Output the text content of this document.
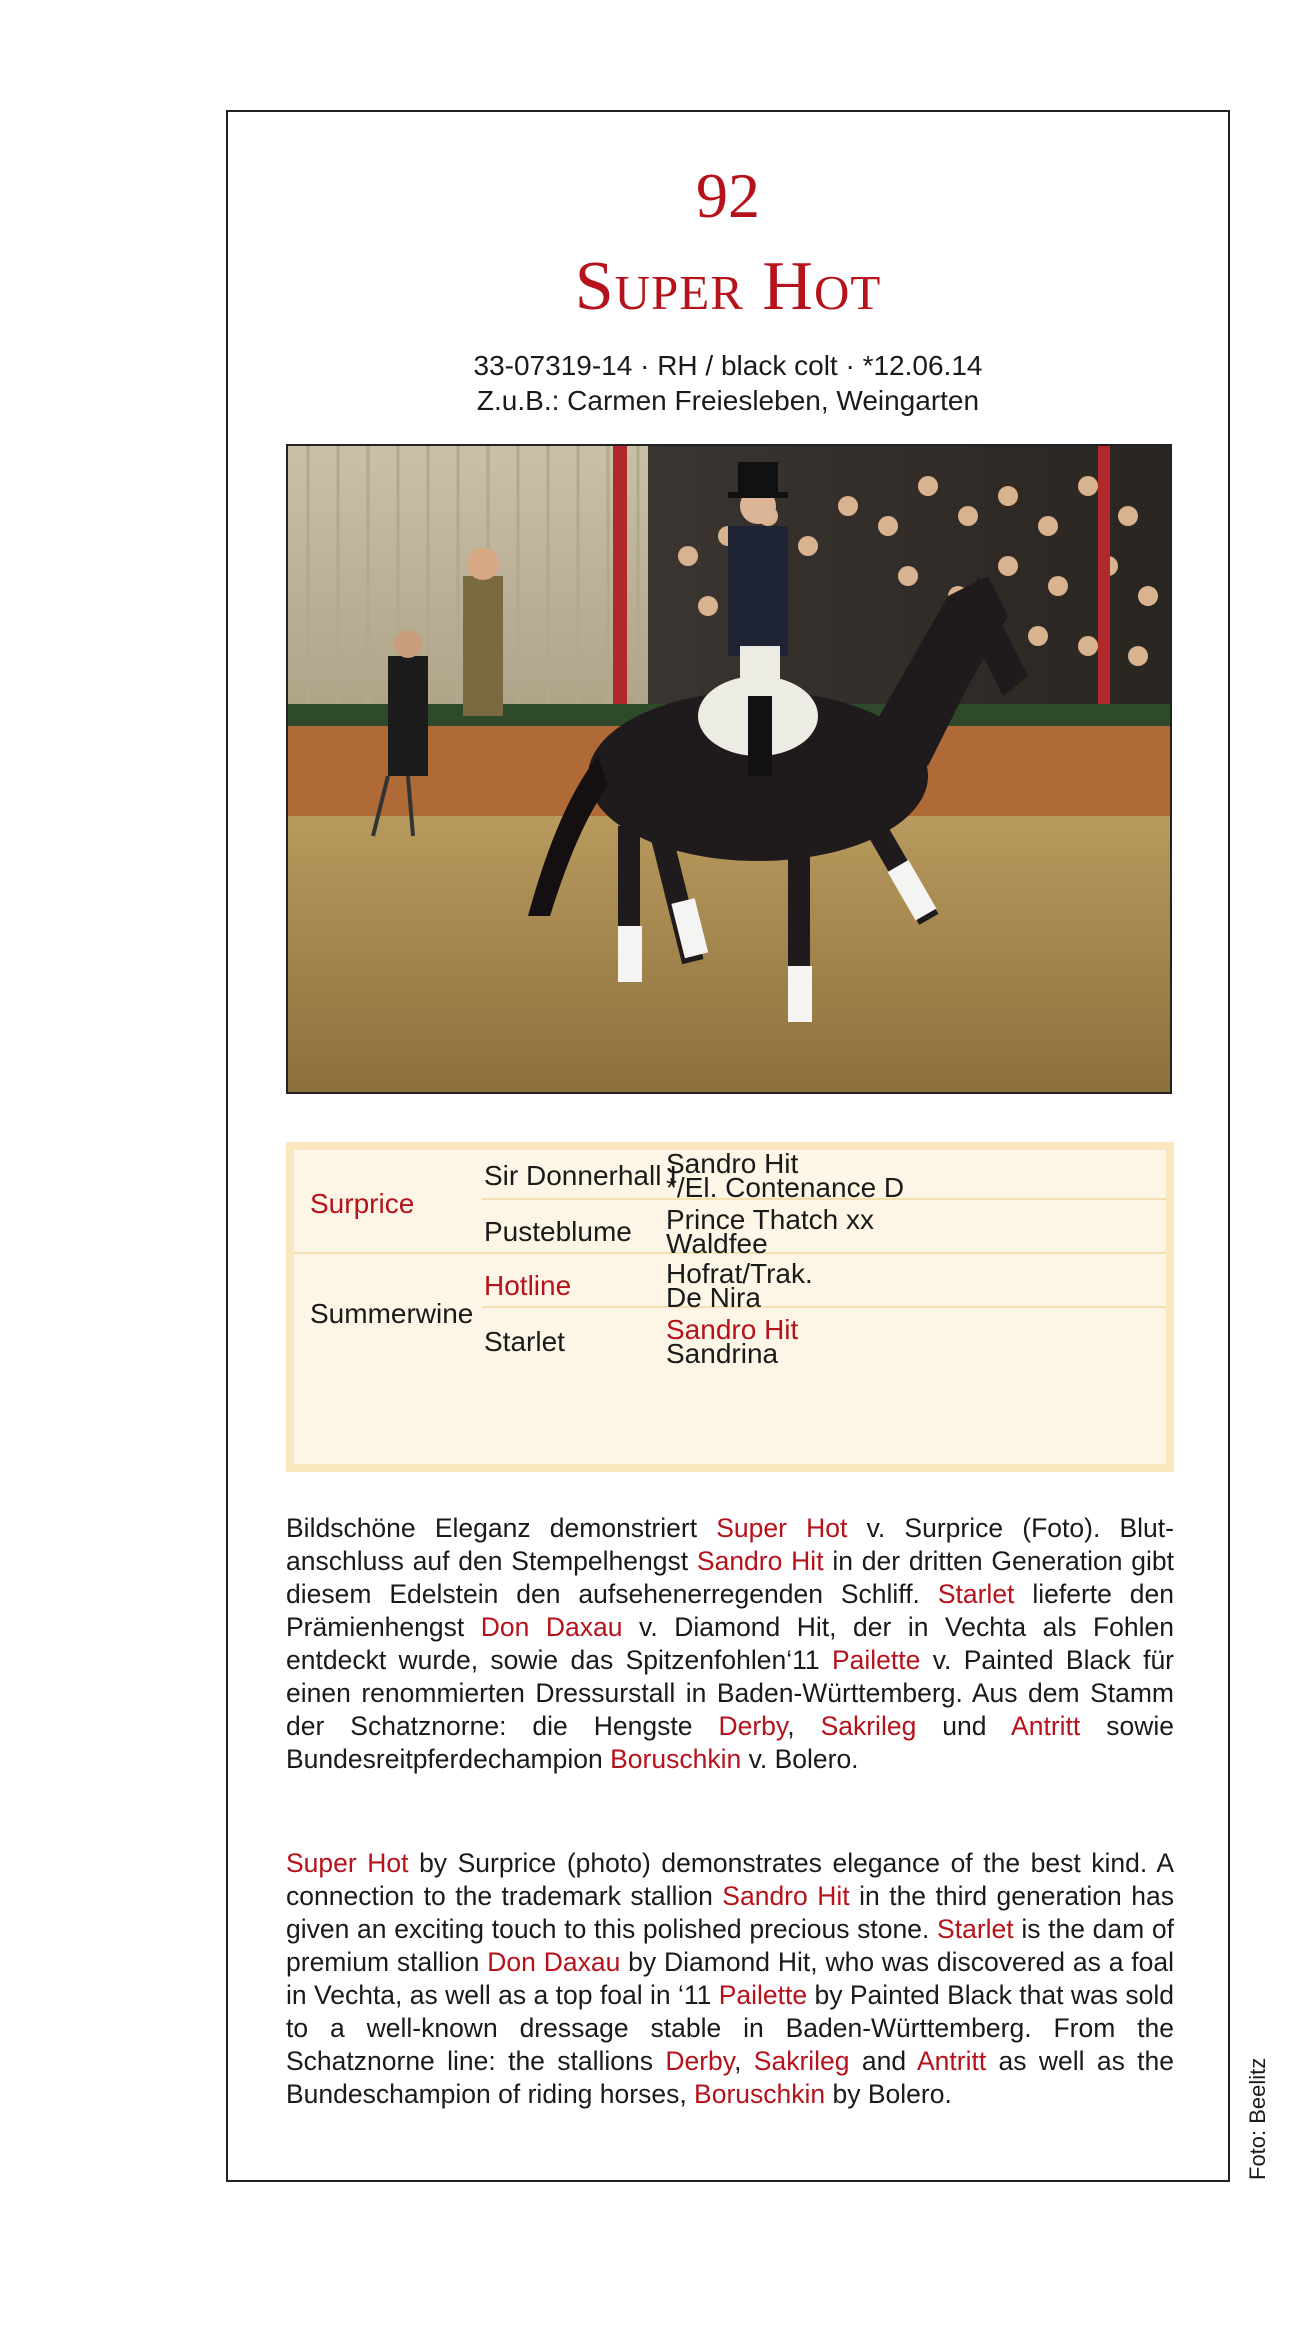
92
Super Hot
33-07319-14 · RH / black colt · *12.06.14
Z.u.B.: Carmen Freiesleben, Weingarten
Surprice
Summerwine
Sir Donnerhall I
Pusteblume
Hotline
Starlet
Sandro Hit
*/El. Contenance D
Prince Thatch xx
Waldfee
Hofrat/Trak.
De Nira
Sandro Hit
Sandrina
Bildschöne Eleganz demonstriert Super Hot v. Surprice (Foto). Blutanschluss auf den Stempelhengst Sandro Hit in der dritten Generation gibt diesem Edelstein den aufsehenerregenden Schliff. Starlet lieferte den Prämienhengst Don Daxau v. Diamond Hit, der in Vechta als Fohlen entdeckt wurde, sowie das Spitzenfohlen‘11 Pailette v. Painted Black für einen renommierten Dressurstall in Baden-Württemberg. Aus dem Stamm der Schatznorne: die Hengste Derby, Sakrileg und Antritt sowie Bundesreitpferdechampion Boruschkin v. Bolero.
Super Hot by Surprice (photo) demonstrates elegance of the best kind. A connection to the trademark stallion Sandro Hit in the third generation has given an exciting touch to this polished precious stone. Starlet is the dam of premium stallion Don Daxau by Diamond Hit, who was discovered as a foal in Vechta, as well as a top foal in ‘11 Pailette by Painted Black that was sold to a well-known dressage stable in Baden-Württemberg. From the Schatznorne line: the stallions Derby, Sakrileg and Antritt as well as the Bundeschampion of riding horses, Boruschkin by Bolero.	Foto: Beelitz
